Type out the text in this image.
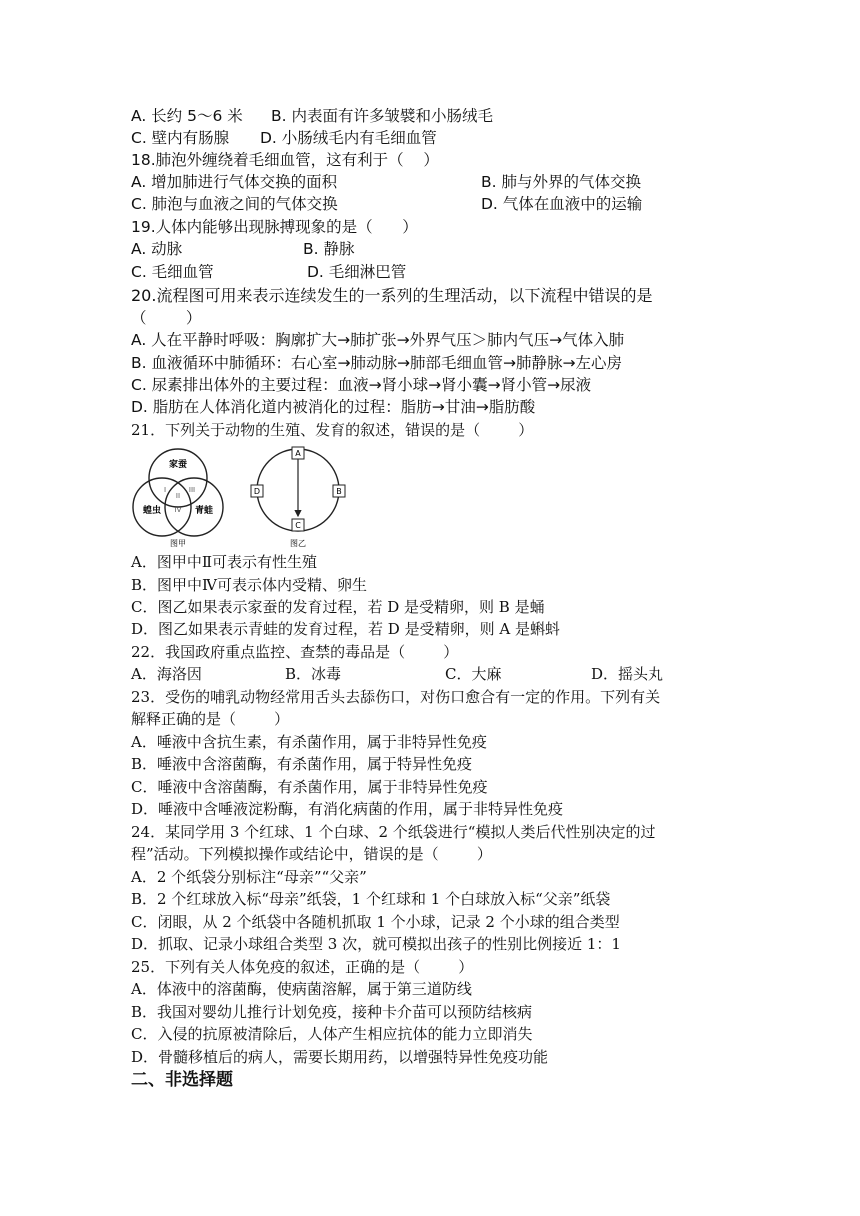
A. 长约 5～6 米

B. 内表面有许多皱襞和小肠绒毛

C. 壁内有肠腺

D. 小肠绒毛内有毛细血管

18.肺泡外缠绕着毛细血管，这有利于（    ）

A. 增加肺进行气体交换的面积

	B. 肺与外界的气体交换

C. 肺泡与血液之间的气体交换

	D. 气体在血液中的运输

19.人体内能够出现脉搏现象的是（      ）

A. 动脉

	B. 静脉

C. 毛细血管

	D. 毛细淋巴管

20.流程图可用来表示连续发生的一系列的生理活动，以下流程中错误的是
（        ）
A. 人在平静时呼吸：胸廓扩大→肺扩张→外界气压＞肺内气压→气体入肺
B. 血液循环中肺循环：右心室→肺动脉→肺部毛细血管→肺静脉→左心房
C. 尿素排出体外的主要过程：血液→肾小球→肾小囊→肾小管→尿液
D. 脂肪在人体消化道内被消化的过程：脂肪→甘油→脂肪酸
21．下列关于动物的生殖、发育的叙述，错误的是（        ）
家蚕
蝗虫	青蛙
I
II
III
IV
图甲
A
B
C
D
图乙
A．图甲中Ⅱ可表示有性生殖
B．图甲中Ⅳ可表示体内受精、卵生
C．图乙如果表示家蚕的发育过程，若 D 是受精卵，则 B 是蛹
D．图乙如果表示青蛙的发育过程，若 D 是受精卵，则 A 是蝌蚪
22．我国政府重点监控、查禁的毒品是（        ）

A．海洛因

	B．冰毒

	C．大麻

	D．摇头丸

23．受伤的哺乳动物经常用舌头去舔伤口，对伤口愈合有一定的作用。下列有关
解释正确的是（        ）
A．唾液中含抗生素，有杀菌作用，属于非特异性免疫
B．唾液中含溶菌酶，有杀菌作用，属于特异性免疫
C．唾液中含溶菌酶，有杀菌作用，属于非特异性免疫
D．唾液中含唾液淀粉酶，有消化病菌的作用，属于非特异性免疫
24．某同学用 3 个红球、1 个白球、2 个纸袋进行“模拟人类后代性别决定的过
程”活动。下列模拟操作或结论中，错误的是（        ）
A．2 个纸袋分别标注“母亲”“父亲”
B．2 个红球放入标“母亲”纸袋，1 个红球和 1 个白球放入标“父亲”纸袋
C．闭眼，从 2 个纸袋中各随机抓取 1 个小球，记录 2 个小球的组合类型
D．抓取、记录小球组合类型 3 次，就可模拟出孩子的性别比例接近 1：1
25．下列有关人体免疫的叙述，正确的是（        ）
A．体液中的溶菌酶，使病菌溶解，属于第三道防线
B．我国对婴幼儿推行计划免疫，接种卡介苗可以预防结核病
C．入侵的抗原被清除后，人体产生相应抗体的能力立即消失
D．骨髓移植后的病人，需要长期用药，以增强特异性免疫功能
二、非选择题
